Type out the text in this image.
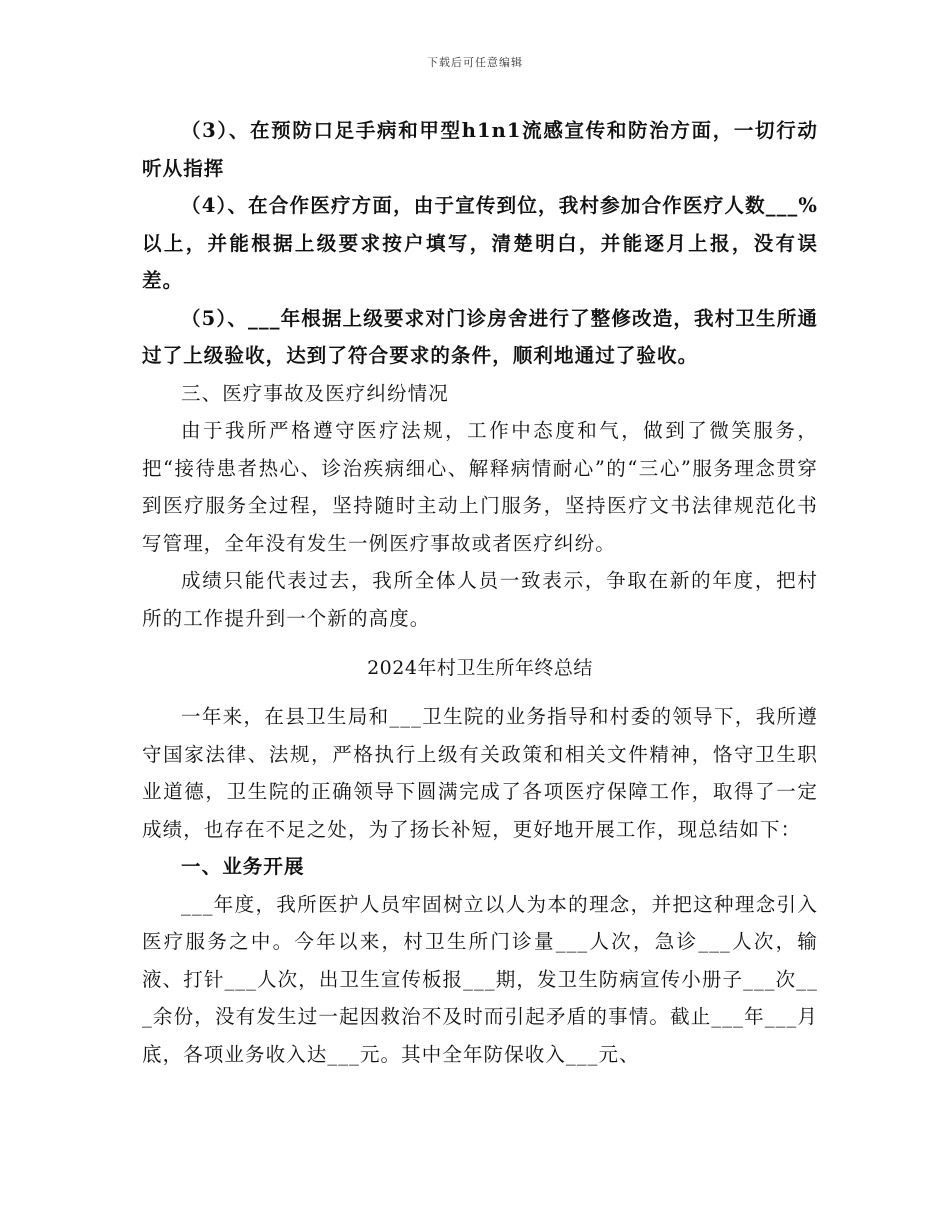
下载后可任意编辑

（3）、在预防口足手病和甲型h1n1流感宣传和防治方面，一切行动听从指挥

（4）、在合作医疗方面，由于宣传到位，我村参加合作医疗人数___%以上，并能根据上级要求按户填写，清楚明白，并能逐月上报，没有误差。

（5）、___年根据上级要求对门诊房舍进行了整修改造，我村卫生所通过了上级验收，达到了符合要求的条件，顺利地通过了验收。

三、医疗事故及医疗纠纷情况

由于我所严格遵守医疗法规，工作中态度和气，做到了微笑服务，把“接待患者热心、诊治疾病细心、解释病情耐心”的“三心”服务理念贯穿到医疗服务全过程，坚持随时主动上门服务，坚持医疗文书法律规范化书写管理，全年没有发生一例医疗事故或者医疗纠纷。

成绩只能代表过去，我所全体人员一致表示，争取在新的年度，把村所的工作提升到一个新的高度。

2024年村卫生所年终总结

一年来，在县卫生局和___卫生院的业务指导和村委的领导下，我所遵守国家法律、法规，严格执行上级有关政策和相关文件精神，恪守卫生职业道德，卫生院的正确领导下圆满完成了各项医疗保障工作，取得了一定成绩，也存在不足之处，为了扬长补短，更好地开展工作，现总结如下：

一、业务开展

___年度，我所医护人员牢固树立以人为本的理念，并把这种理念引入医疗服务之中。今年以来，村卫生所门诊量___人次，急诊___人次，输液、打针___人次，出卫生宣传板报___期，发卫生防病宣传小册子___次___余份，没有发生过一起因救治不及时而引起矛盾的事情。截止___年___月底，各项业务收入达___元。其中全年防保收入___元、
